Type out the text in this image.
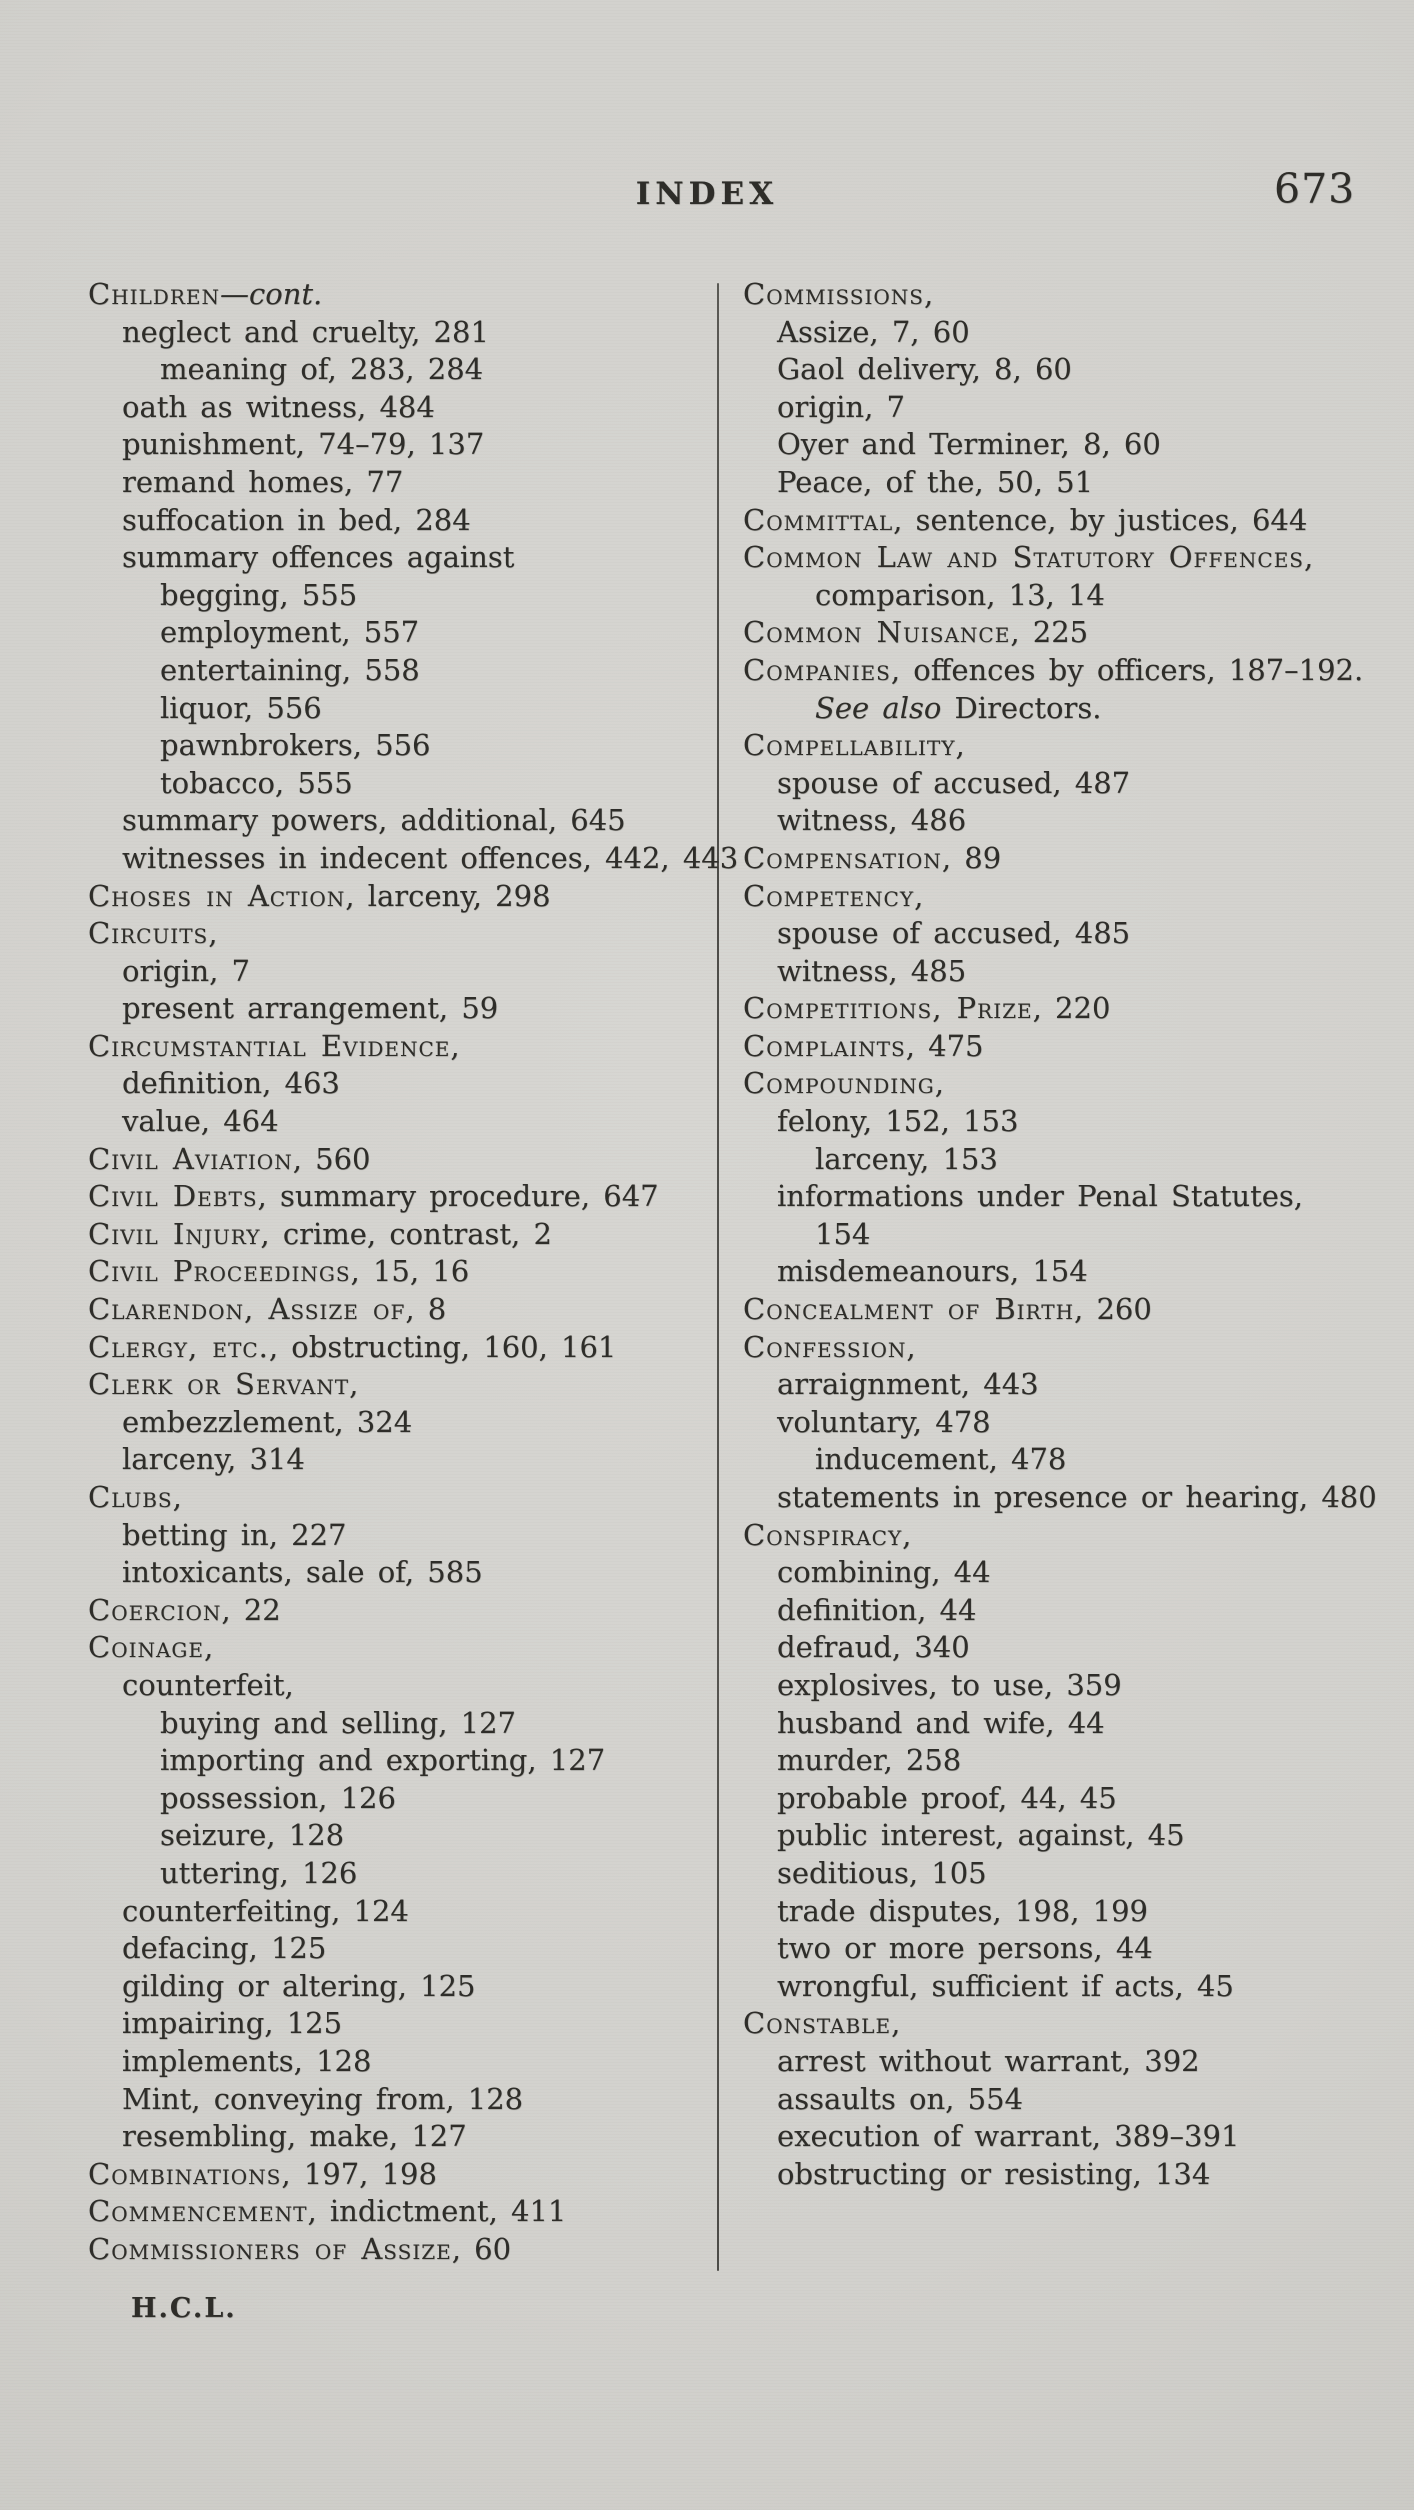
INDEX	673
Children—cont.
neglect and cruelty, 281
meaning of, 283, 284
oath as witness, 484
punishment, 74–79, 137
remand homes, 77
suffocation in bed, 284
summary offences against
begging, 555
employment, 557
entertaining, 558
liquor, 556
pawnbrokers, 556
tobacco, 555
summary powers, additional, 645
witnesses in indecent offences, 442, 443
Choses in Action, larceny, 298
Circuits,
origin, 7
present arrangement, 59
Circumstantial Evidence,
definition, 463
value, 464
Civil Aviation, 560
Civil Debts, summary procedure, 647
Civil Injury, crime, contrast, 2
Civil Proceedings, 15, 16
Clarendon, Assize of, 8
Clergy, etc., obstructing, 160, 161
Clerk or Servant,
embezzlement, 324
larceny, 314
Clubs,
betting in, 227
intoxicants, sale of, 585
Coercion, 22
Coinage,
counterfeit,
buying and selling, 127
importing and exporting, 127
possession, 126
seizure, 128
uttering, 126
counterfeiting, 124
defacing, 125
gilding or altering, 125
impairing, 125
implements, 128
Mint, conveying from, 128
resembling, make, 127
Combinations, 197, 198
Commencement, indictment, 411
Commissioners of Assize, 60
Commissions,
Assize, 7, 60
Gaol delivery, 8, 60
origin, 7
Oyer and Terminer, 8, 60
Peace, of the, 50, 51
Committal, sentence, by justices, 644
Common Law and Statutory Offences,
comparison, 13, 14
Common Nuisance, 225
Companies, offences by officers, 187–192.
See also Directors.
Compellability,
spouse of accused, 487
witness, 486
Compensation, 89
Competency,
spouse of accused, 485
witness, 485
Competitions, Prize, 220
Complaints, 475
Compounding,
felony, 152, 153
larceny, 153
informations under Penal Statutes,
154
misdemeanours, 154
Concealment of Birth, 260
Confession,
arraignment, 443
voluntary, 478
inducement, 478
statements in presence or hearing, 480
Conspiracy,
combining, 44
definition, 44
defraud, 340
explosives, to use, 359
husband and wife, 44
murder, 258
probable proof, 44, 45
public interest, against, 45
seditious, 105
trade disputes, 198, 199
two or more persons, 44
wrongful, sufficient if acts, 45
Constable,
arrest without warrant, 392
assaults on, 554
execution of warrant, 389–391
obstructing or resisting, 134
H.C.L.
